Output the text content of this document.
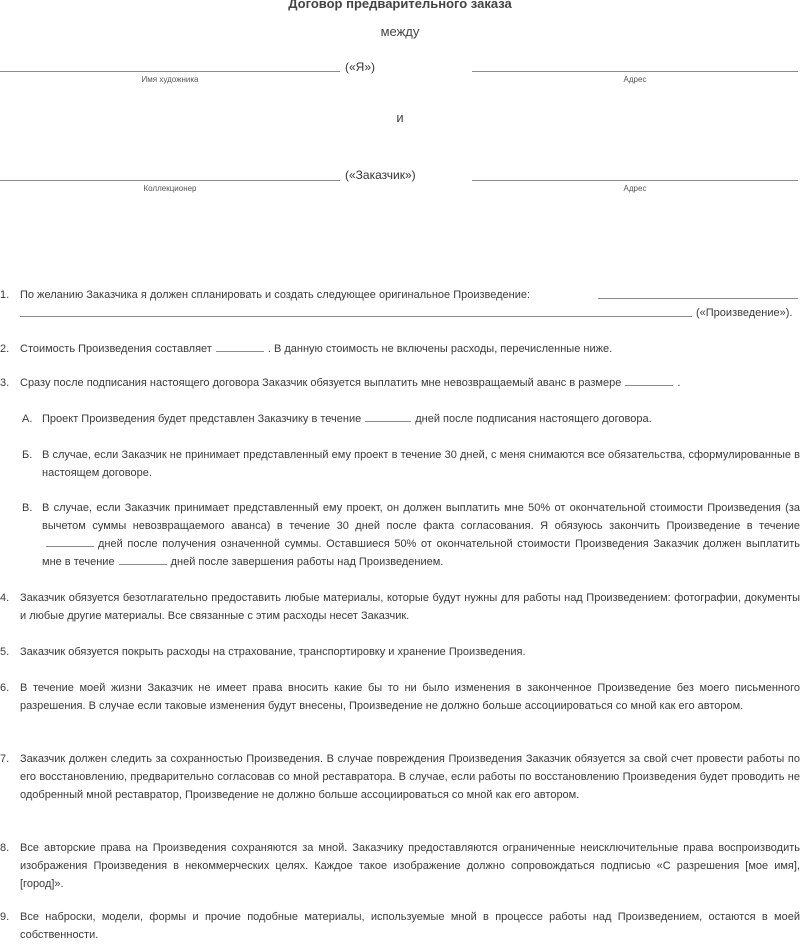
Договор предварительного заказа
между
Имя художника
(«Я»)
Адрес
и
Коллекционер
(«Заказчик»)
Адрес
1. По желанию Заказчика я должен спланировать и создать следующее оригинальное Произведение:
(«Произведение»).
2. Стоимость Произведения составляет	. В данную стоимость не включены расходы, перечисленные ниже.
3. Сразу после подписания настоящего договора Заказчик обязуется выплатить мне невозвращаемый аванс в размере	.
А. Проект Произведения будет представлен Заказчику в течение	дней после подписания настоящего договора.
Б. В случае, если Заказчик не принимает представленный ему проект в течение 30 дней, с меня снимаются все обязательства, сформулированные в настоящем договоре.
В. В случае, если Заказчик принимает представленный ему проект, он должен выплатить мне 50% от окончательной стоимости Произведения (за вычетом суммы невозвращаемого аванса) в течение 30 дней после факта согласования. Я обязуюсь закончить Произведение в течениедней после получения означенной суммы. Оставшиеся 50% от окончательной стоимости Произведения Заказчик должен выплатить мне в течение	дней после завершения работы над Произведением.
4. Заказчик обязуется безотлагательно предоставить любые материалы, которые будут нужны для работы над Произведением: фотографии, документы и любые другие материалы. Все связанные с этим расходы несет Заказчик.
5. Заказчик обязуется покрыть расходы на страхование, транспортировку и хранение Произведения.
6. В течение моей жизни Заказчик не имеет права вносить какие бы то ни было изменения в законченное Произведение без моего письменного разрешения. В случае если таковые изменения будут внесены, Произведение не должно больше ассоциироваться со мной как его автором.
7. Заказчик должен следить за сохранностью Произведения. В случае повреждения Произведения Заказчик обязуется за свой счет провести работы по его восстановлению, предварительно согласовав со мной реставратора. В случае, если работы по восстановлению Произведения будет проводить не одобренный мной реставратор, Произведение не должно больше ассоциироваться со мной как его автором.
8. Все авторские права на Произведения сохраняются за мной. Заказчику предоставляются ограниченные неисключительные права воспроизводить изображения Произведения в некоммерческих целях. Каждое такое изображение должно сопровождаться подписью «С разрешения [мое имя], [город]».
9. Все наброски, модели, формы и прочие подобные материалы, используемые мной в процессе работы над Произведением, остаются в моей собственности.
